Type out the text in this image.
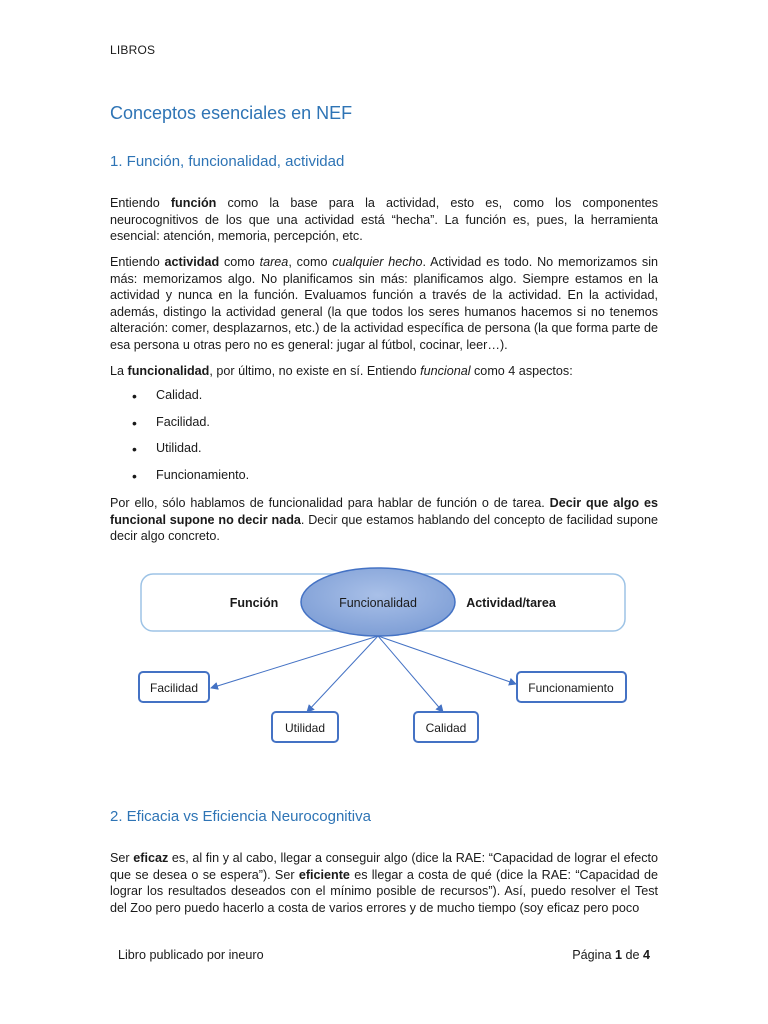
LIBROS
Conceptos esenciales en NEF
1. Función, funcionalidad, actividad

Entiendo función como la base para la actividad, esto es, como los componentes neurocognitivos de los que una actividad está “hecha”. La función es, pues, la herramienta esencial: atención, memoria, percepción, etc.

Entiendo actividad como tarea, como cualquier hecho. Actividad es todo. No memorizamos sin más: memorizamos algo. No planificamos sin más: planificamos algo. Siempre estamos en la actividad y nunca en la función. Evaluamos función a través de la actividad. En la actividad, además, distingo la actividad general (la que todos los seres humanos hacemos si no tenemos alteración: comer, desplazarnos, etc.) de la actividad específica de persona (la que forma parte de esa persona u otras pero no es general: jugar al fútbol, cocinar, leer…).

La funcionalidad, por último, no existe en sí. Entiendo funcional como 4 aspectos:

• Calidad.
• Facilidad.
• Utilidad.
• Funcionamiento.

Por ello, sólo hablamos de funcionalidad para hablar de función o de tarea. Decir que algo es funcional supone no decir nada. Decir que estamos hablando del concepto de facilidad supone decir algo concreto.

Función	Funcionalidad	Actividad/tarea
Facilidad
Utilidad	Calidad
Funcionamiento
2. Eficacia vs Eficiencia Neurocognitiva

Ser eficaz es, al fin y al cabo, llegar a conseguir algo (dice la RAE: “Capacidad de lograr el efecto que se desea o se espera”). Ser eficiente es llegar a costa de qué (dice la RAE: “Capacidad de lograr los resultados deseados con el mínimo posible de recursos”). Así, puedo resolver el Test del Zoo pero puedo hacerlo a costa de varios errores y de mucho tiempo (soy eficaz pero poco

Libro publicado por ineuro	Página 1 de 4
